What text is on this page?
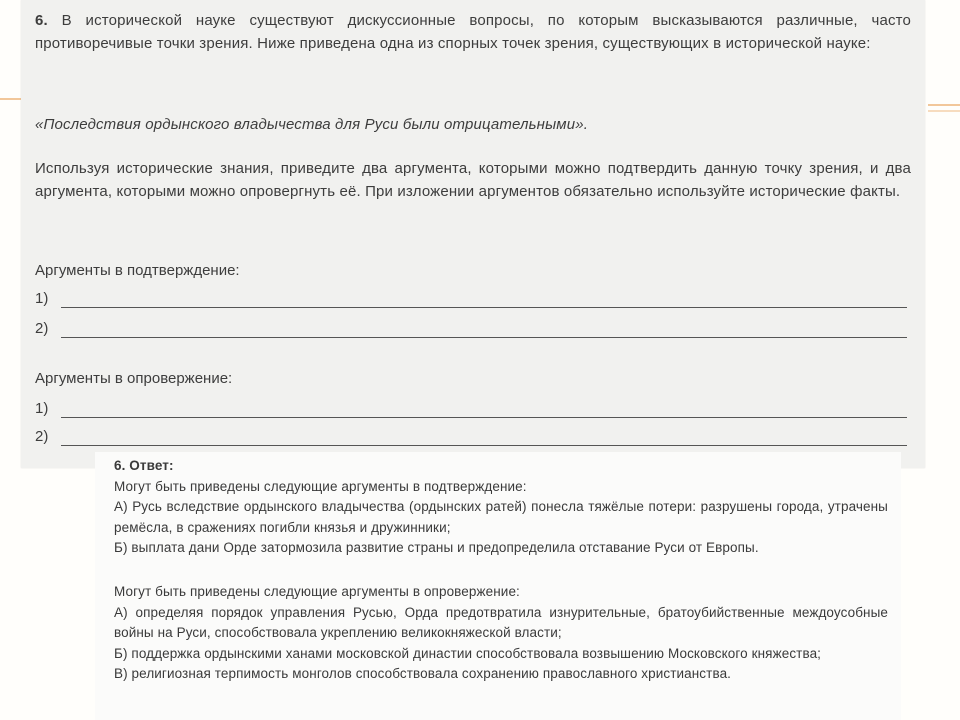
6. В исторической науке существуют дискуссионные вопросы, по которым высказываются различные, часто противоречивые точки зрения. Ниже приведена одна из спорных точек зрения, существующих в исторической науке:
«Последствия ордынского владычества для Руси были отрицательными».
Используя исторические знания, приведите два аргумента, которыми можно подтвердить данную точку зрения, и два аргумента, которыми можно опровергнуть её. При изложении аргументов обязательно используйте исторические факты.
Аргументы в подтверждение:
1)
2)
Аргументы в опровержение:
1)
2)
6. Ответ:
Могут быть приведены следующие аргументы в подтверждение:
А) Русь вследствие ордынского владычества (ордынских ратей) понесла тяжёлые потери: разрушены города, утрачены ремёсла, в сражениях погибли князья и дружинники;
Б) выплата дани Орде затормозила развитие страны и предопределила отставание Руси от Европы.
Могут быть приведены следующие аргументы в опровержение:
А) определяя порядок управления Русью, Орда предотвратила изнурительные, братоубийственные междоусобные войны на Руси, способствовала укреплению великокняжеской власти;
Б) поддержка ордынскими ханами московской династии способствовала возвышению Московского княжества;
В) религиозная терпимость монголов способствовала сохранению православного христианства.
